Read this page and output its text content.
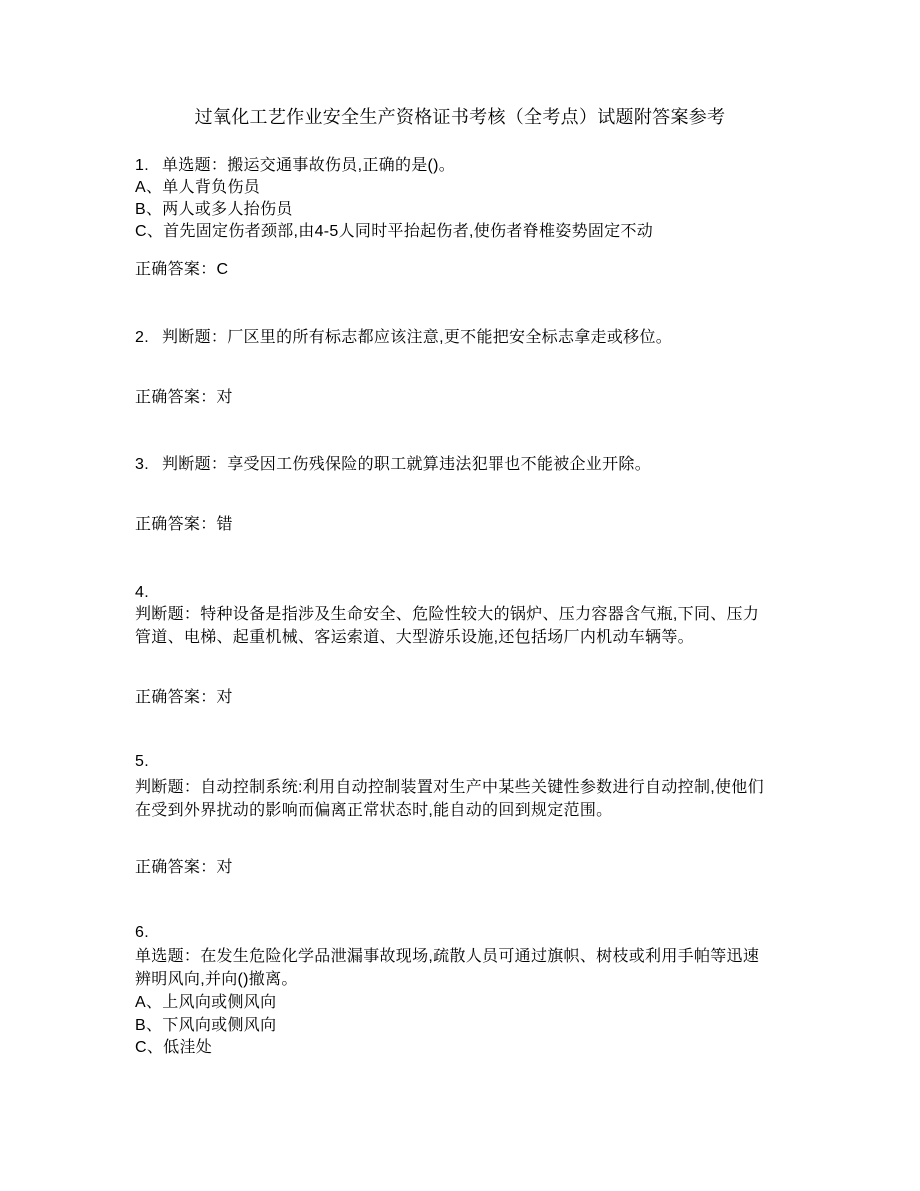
过氧化工艺作业安全生产资格证书考核（全考点）试题附答案参考
1. 单选题：搬运交通事故伤员,正确的是()。
A、单人背负伤员
B、两人或多人抬伤员
C、首先固定伤者颈部,由4-5人同时平抬起伤者,使伤者脊椎姿势固定不动
正确答案：C
2. 判断题：厂区里的所有标志都应该注意,更不能把安全标志拿走或移位。
正确答案：对
3. 判断题：享受因工伤残保险的职工就算违法犯罪也不能被企业开除。
正确答案：错
4.
判断题：特种设备是指涉及生命安全、危险性较大的锅炉、压力容器含气瓶,下同、压力
管道、电梯、起重机械、客运索道、大型游乐设施,还包括场厂内机动车辆等。
正确答案：对
5.
判断题：自动控制系统:利用自动控制装置对生产中某些关键性参数进行自动控制,使他们
在受到外界扰动的影响而偏离正常状态时,能自动的回到规定范围。
正确答案：对
6.
单选题：在发生危险化学品泄漏事故现场,疏散人员可通过旗帜、树枝或利用手帕等迅速
辨明风向,并向()撤离。
A、上风向或侧风向
B、下风向或侧风向
C、低洼处
